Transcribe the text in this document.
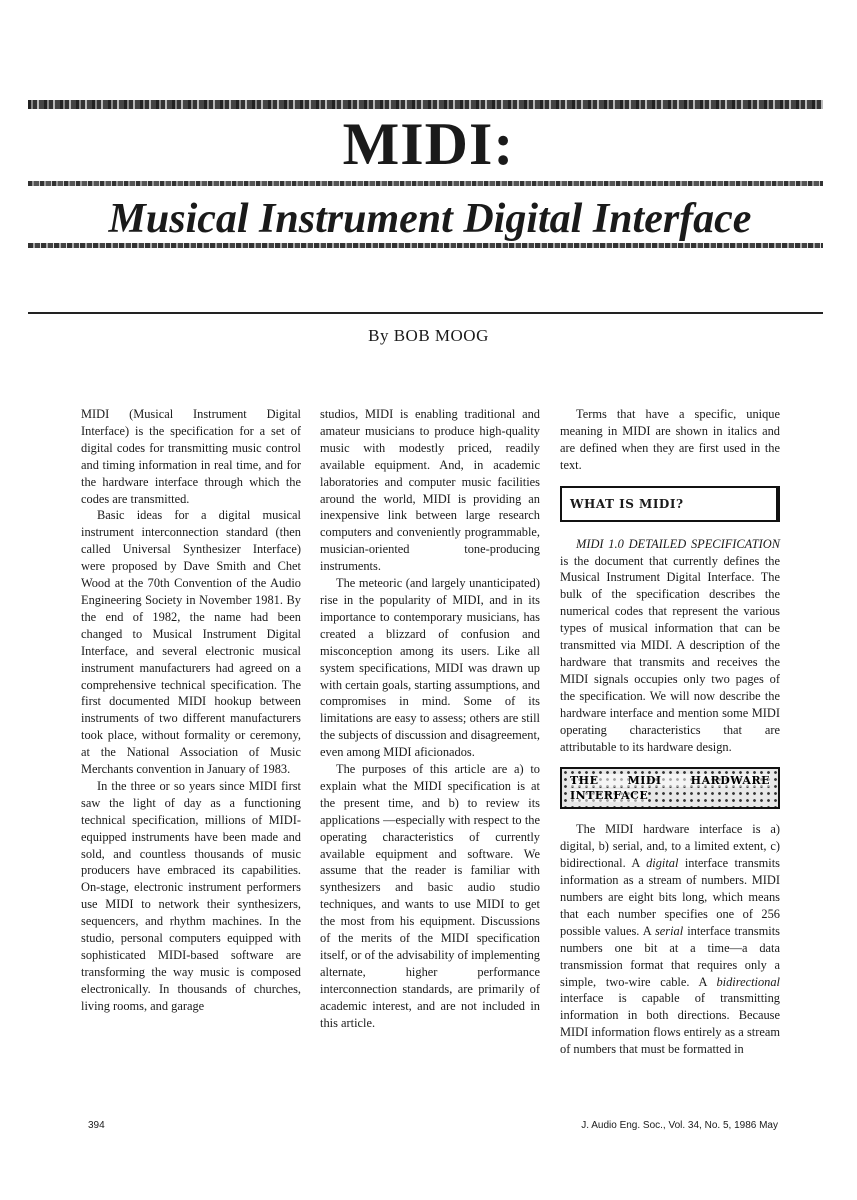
MIDI:
Musical Instrument Digital Interface
By BOB MOOG

MIDI (Musical Instrument Digital Interface) is the specification for a set of digital codes for transmitting music control and timing information in real time, and for the hardware interface through which the codes are transmitted.

Basic ideas for a digital musical instrument interconnection standard (then called Universal Synthesizer Interface) were proposed by Dave Smith and Chet Wood at the 70th Convention of the Audio Engineering Society in November 1981. By the end of 1982, the name had been changed to Musical Instrument Digital Interface, and several electronic musical instrument manufacturers had agreed on a comprehensive technical specification. The first documented MIDI hookup between instruments of two different manufacturers took place, without formality or ceremony, at the National Association of Music Merchants convention in January of 1983.

In the three or so years since MIDI first saw the light of day as a functioning technical specification, millions of MIDI-equipped instruments have been made and sold, and countless thousands of music producers have embraced its capabilities. On-stage, electronic instrument performers use MIDI to network their synthesizers, sequencers, and rhythm machines. In the studio, personal computers equipped with sophisticated MIDI-based software are transforming the way music is composed electronically. In thousands of churches, living rooms, and garage

studios, MIDI is enabling traditional and amateur musicians to produce high-quality music with modestly priced, readily available equipment. And, in academic laboratories and computer music facilities around the world, MIDI is providing an inexpensive link between large research computers and conveniently programmable, musician-oriented tone-producing instruments.

The meteoric (and largely unanticipated) rise in the popularity of MIDI, and in its importance to contemporary musicians, has created a blizzard of confusion and misconception among its users. Like all system specifications, MIDI was drawn up with certain goals, starting assumptions, and compromises in mind. Some of its limitations are easy to assess; others are still the subjects of discussion and disagreement, even among MIDI aficionados.

The purposes of this article are a) to explain what the MIDI specification is at the present time, and b) to review its applications —especially with respect to the operating characteristics of currently available equipment and software. We assume that the reader is familiar with synthesizers and basic audio studio techniques, and wants to use MIDI to get the most from his equipment. Discussions of the merits of the MIDI specification itself, or of the advisability of implementing alternate, higher performance interconnection standards, are primarily of academic interest, and are not included in this article.

Terms that have a specific, unique meaning in MIDI are shown in italics and are defined when they are first used in the text.

WHAT IS MIDI?

MIDI 1.0 DETAILED SPECIFICATION is the document that currently defines the Musical Instrument Digital Interface. The bulk of the specification describes the numerical codes that represent the various types of musical information that can be transmitted via MIDI. A description of the hardware that transmits and receives the MIDI signals occupies only two pages of the specification. We will now describe the hardware interface and mention some MIDI operating characteristics that are attributable to its hardware design.

THE MIDI HARDWARE INTERFACE

The MIDI hardware interface is a) digital, b) serial, and, to a limited extent, c) bidirectional. A digital interface transmits information as a stream of numbers. MIDI numbers are eight bits long, which means that each number specifies one of 256 possible values. A serial interface transmits numbers one bit at a time—a data transmission format that requires only a simple, two-wire cable. A bidirectional interface is capable of transmitting information in both directions. Because MIDI information flows entirely as a stream of numbers that must be formatted in

394	J. Audio Eng. Soc., Vol. 34, No. 5, 1986 May
